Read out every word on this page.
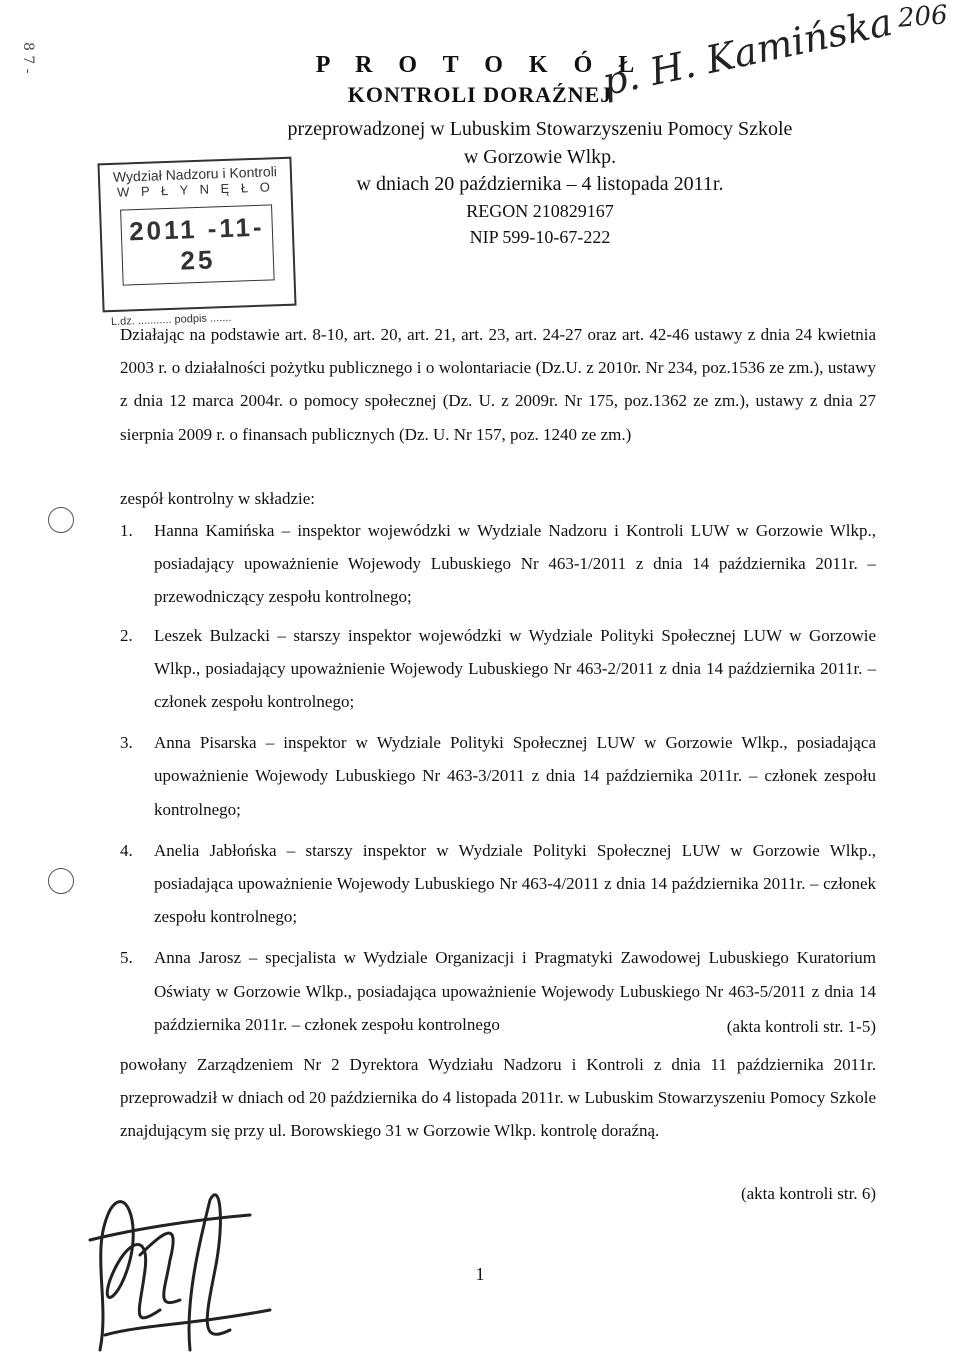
206
p. H. Kamińska
8 7 -	P R O T O K Ó Ł
KONTROLI DORAŹNEJ
przeprowadzonej w Lubuskim Stowarzyszeniu Pomocy Szkole
w Gorzowie Wlkp.
w dniach 20 października – 4 listopada 2011r.
REGON 210829167
NIP 599-10-67-222
Wydział Nadzoru i Kontroli
W P Ł Y N Ę Ł O
2011 -11- 25
L.dz. ........... podpis .......
Działając na podstawie art. 8-10, art. 20, art. 21, art. 23, art. 24-27 oraz art. 42-46 ustawy z dnia 24 kwietnia 2003 r. o działalności pożytku publicznego i o wolontariacie (Dz.U. z 2010r. Nr 234, poz.1536 ze zm.), ustawy z dnia 12 marca 2004r. o pomocy społecznej (Dz. U. z 2009r. Nr 175, poz.1362 ze zm.), ustawy z dnia 27 sierpnia 2009 r. o finansach publicznych (Dz. U. Nr 157, poz. 1240 ze zm.)
zespół kontrolny w składzie:
1. Hanna Kamińska – inspektor wojewódzki w Wydziale Nadzoru i Kontroli LUW w Gorzowie Wlkp., posiadający upoważnienie Wojewody Lubuskiego Nr 463-1/2011 z dnia 14 października 2011r. – przewodniczący zespołu kontrolnego;
2. Leszek Bulzacki – starszy inspektor wojewódzki w Wydziale Polityki Społecznej LUW w Gorzowie Wlkp., posiadający upoważnienie Wojewody Lubuskiego Nr 463-2/2011 z dnia 14 października 2011r. – członek zespołu kontrolnego;
3. Anna Pisarska – inspektor w Wydziale Polityki Społecznej LUW w Gorzowie Wlkp., posiadająca upoważnienie Wojewody Lubuskiego Nr 463-3/2011 z dnia 14 października 2011r. – członek zespołu kontrolnego;
4. Anelia Jabłońska – starszy inspektor w Wydziale Polityki Społecznej LUW w Gorzowie Wlkp., posiadająca upoważnienie Wojewody Lubuskiego Nr 463-4/2011 z dnia 14 października 2011r. – członek zespołu kontrolnego;
5. Anna Jarosz – specjalista w Wydziale Organizacji i Pragmatyki Zawodowej Lubuskiego Kuratorium Oświaty w Gorzowie Wlkp., posiadająca upoważnienie Wojewody Lubuskiego Nr 463-5/2011 z dnia 14 października 2011r. – członek zespołu kontrolnego	(akta kontroli str. 1-5)
powołany Zarządzeniem Nr 2 Dyrektora Wydziału Nadzoru i Kontroli z dnia 11 października 2011r. przeprowadził w dniach od 20 października do 4 listopada 2011r. w Lubuskim Stowarzyszeniu Pomocy Szkole znajdującym się przy ul. Borowskiego 31 w Gorzowie Wlkp. kontrolę doraźną.
(akta kontroli str. 6)
1
